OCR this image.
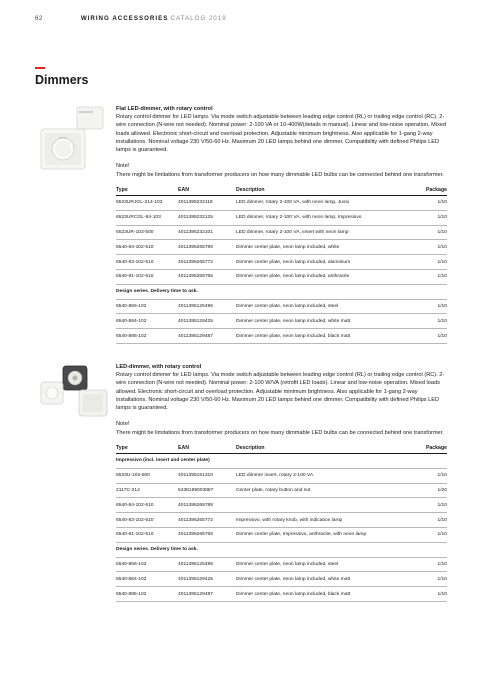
62	WIRING ACCESSORIES CATALOG 2019
Dimmers
Flat LED-dimmer, with rotary control

Rotary control dimmer for LED lamps. Via mode switch adjustable between leading edge control (RL) or trailing edge control (RC). 2-wire connection (N-wire not needed). Nominal power: 2-100 VA or 10-400W(details in manual). Linear and low-noise operation. Mixed loads allowed. Electronic short-circuit and overload protection. Adjustable minimum brightness. Also applicable for 1-gang 2-way installations. Nominal voltage 230 V/50-60 Hz. Maximum 20 LED lamps behind one dimmer. Compatibility with defined Philips LED lamps is guaranteed.

Note!

There might be limitations from transformer producers on how many dimmable LED bulbs can be connected behind one transformer.

Type	EAN	Description	Package
6523URJGL-214-103	4011395232118	LED dimmer, rotary 2-100 VA, with neon lamp, Jussi	1/10
6523URCGL-84-103	4011395232125	LED dimmer, rotary 2-100 VA, with neon lamp, Impressivo	1/10
6523UR-103-500	4011395232101	LED dimmer, rotary 2-100 VA, insert with neon lamp	1/10
6540-84-102-510	4011395265789	Dimmer center plate, neon lamp included, white	1/10
6540-83-102-510	4011395265772	Dimmer center plate, neon lamp included, aluminium	1/10
6540-81-102-510	4011395265765	Dimmer center plate, neon lamp included, anthracite	1/10
Design series. Delivery time to ask.			
6540-866-102	4011395125496	Dimmer center plate, neon lamp included, steel	1/10
6540-884-102	4011395129425	Dimmer center plate, neon lamp included, white matt	1/10
6540-885-102	4011395129487	Dimmer center plate, neon lamp included, black matt	1/10
LED-dimmer, with rotary control

Rotary control dimmer for LED lamps. Via mode switch adjustable between leading edge control (RL) or trailing edge control (RC). 2-wire connection (N-wire not needed). Nominal power: 2-100 W/VA (retrofit LED loads). Linear and low-noise operation. Mixed loads allowed. Electronic short-circuit and overload protection. Adjustable minimum brightness. Also applicable for 1-gang 2-way installations. Nominal voltage 230 V/50-60 Hz. Maximum 20 LED lamps behind one dimmer. Compatibility with defined Philips LED lamps is guaranteed.

Note!

There might be limitations from transformer producers on how many dimmable LED bulbs can be connected behind one transformer.

Type	EAN	Description	Package
Impressivo (incl. insert and center plate)			
6523U-102-500	4011395151310	LED dimmer insert, rotary 2-100 VA	1/10
2117C-214	6438199003887	Center plate, rotary button and nut	1/20
6540-84-102-510	4011395265789		1/10
6540-83-102-510	4011395265772	Impressivo, with rotary knob, with indication lamp	1/10
6540-81-102-510	4011395265765	Dimmer center plate, Impressivo, anthracite, with neon lamp	1/10
Design series. Delivery time to ask.			
6540-866-102	4011395125496	Dimmer center plate, neon lamp included, steel	1/10
6540-884-102	4011395129425	Dimmer center plate, neon lamp included, white matt	1/10
6540-885-102	4011395129487	Dimmer center plate, neon lamp included, black matt	1/10
